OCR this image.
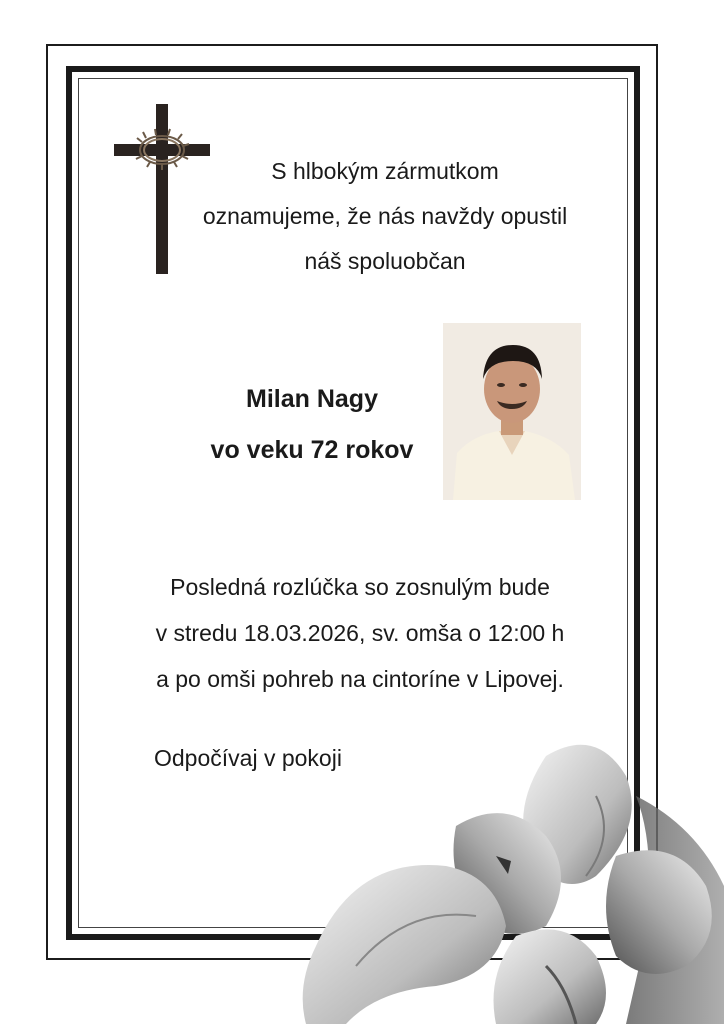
S hlbokým zármutkom
oznamujeme, že nás navždy opustil
náš spoluobčan
Milan Nagy
vo veku 72 rokov
Posledná rozlúčka so zosnulým bude
v stredu 18.03.2026, sv. omša o 12:00 h
a po omši pohreb na cintoríne v Lipovej.
Odpočívaj v pokoji
